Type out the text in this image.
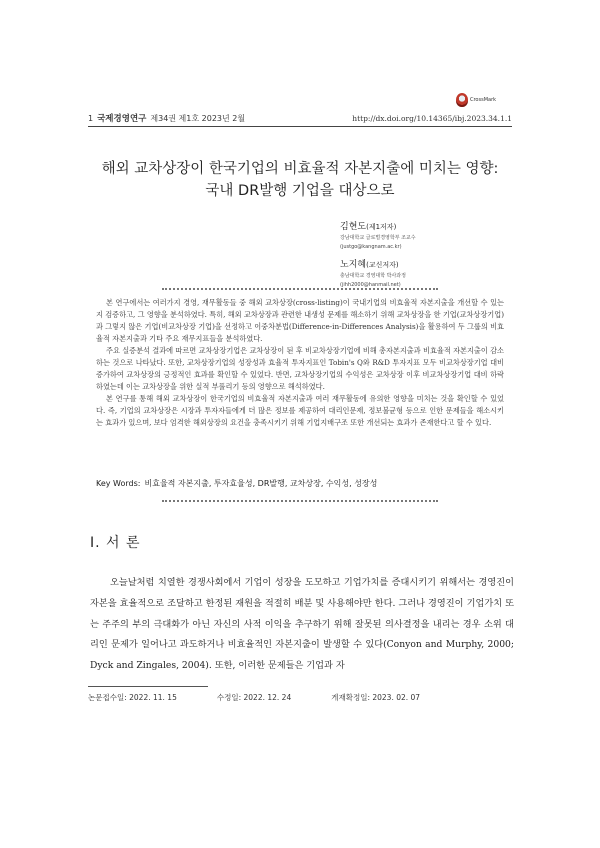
CrossMark
1 국제경영연구 제34권 제1호 2023년 2월	http://dx.doi.org/10.14365/ibj.2023.34.1.1
해외 교차상장이 한국기업의 비효율적 자본지출에 미치는 영향:
국내 DR발행 기업을 대상으로
김현도(제1저자)
강남대학교 글로벌경영학부 조교수
(justgo@kangnam.ac.kr)
노지혜(교신저자)
충남대학교 경영대학 박사과정
(jihh2000@hanmail.net)

본 연구에서는 여러가지 경영, 재무활동들 중 해외 교차상장(cross-listing)이 국내기업의 비효율적 자본지출을 개선할 수 있는지 검증하고, 그 영향을 분석하였다. 특히, 해외 교차상장과 관련한 내생성 문제를 해소하기 위해 교차상장을 한 기업(교차상장기업)과 그렇지 않은 기업(비교차상장 기업)을 선정하고 이중차분법(Difference-in-Differences Analysis)을 활용하여 두 그룹의 비효율적 자본지출과 기타 주요 재무지표들을 분석하였다.

주요 실증분석 결과에 따르면 교차상장기업은 교차상장이 된 후 비교차상장기업에 비해 총자본지출과 비효율적 자본지출이 감소하는 것으로 나타났다. 또한, 교차상장기업의 성장성과 효율적 투자지표인 Tobin's Q와 R&D 투자지표 모두 비교차상장기업 대비 증가하여 교차상장의 긍정적인 효과를 확인할 수 있었다. 반면, 교차상장기업의 수익성은 교차상장 이후 비교차상장기업 대비 하락하였는데 이는 교차상장을 위한 실적 부풀리기 등의 영향으로 해석하였다.

본 연구를 통해 해외 교차상장이 한국기업의 비효율적 자본지출과 여러 재무활동에 유의한 영향을 미치는 것을 확인할 수 있었다. 즉, 기업의 교차상장은 시장과 투자자들에게 더 많은 정보를 제공하여 대리인문제, 정보불균형 등으로 인한 문제들을 해소시키는 효과가 있으며, 보다 엄격한 해외상장의 요건을 충족시키기 위해 기업지배구조 또한 개선되는 효과가 존재한다고 할 수 있다.

Key Words: 비효율적 자본지출, 투자효율성, DR발행, 교차상장, 수익성, 성장성
Ⅰ. 서 론

오늘날처럼 치열한 경쟁사회에서 기업이 성장을 도모하고 기업가치를 증대시키기 위해서는 경영진이 자본을 효율적으로 조달하고 한정된 재원을 적절히 배분 및 사용해야만 한다. 그러나 경영진이 기업가치 또는 주주의 부의 극대화가 아닌 자신의 사적 이익을 추구하기 위해 잘못된 의사결정을 내리는 경우 소위 대리인 문제가 일어나고 과도하거나 비효율적인 자본지출이 발생할 수 있다(Conyon and Murphy, 2000; Dyck and Zingales, 2004). 또한, 이러한 문제들은 기업과 자

논문접수일: 2022. 11. 15	수정일: 2022. 12. 24	게재확정일: 2023. 02. 07
